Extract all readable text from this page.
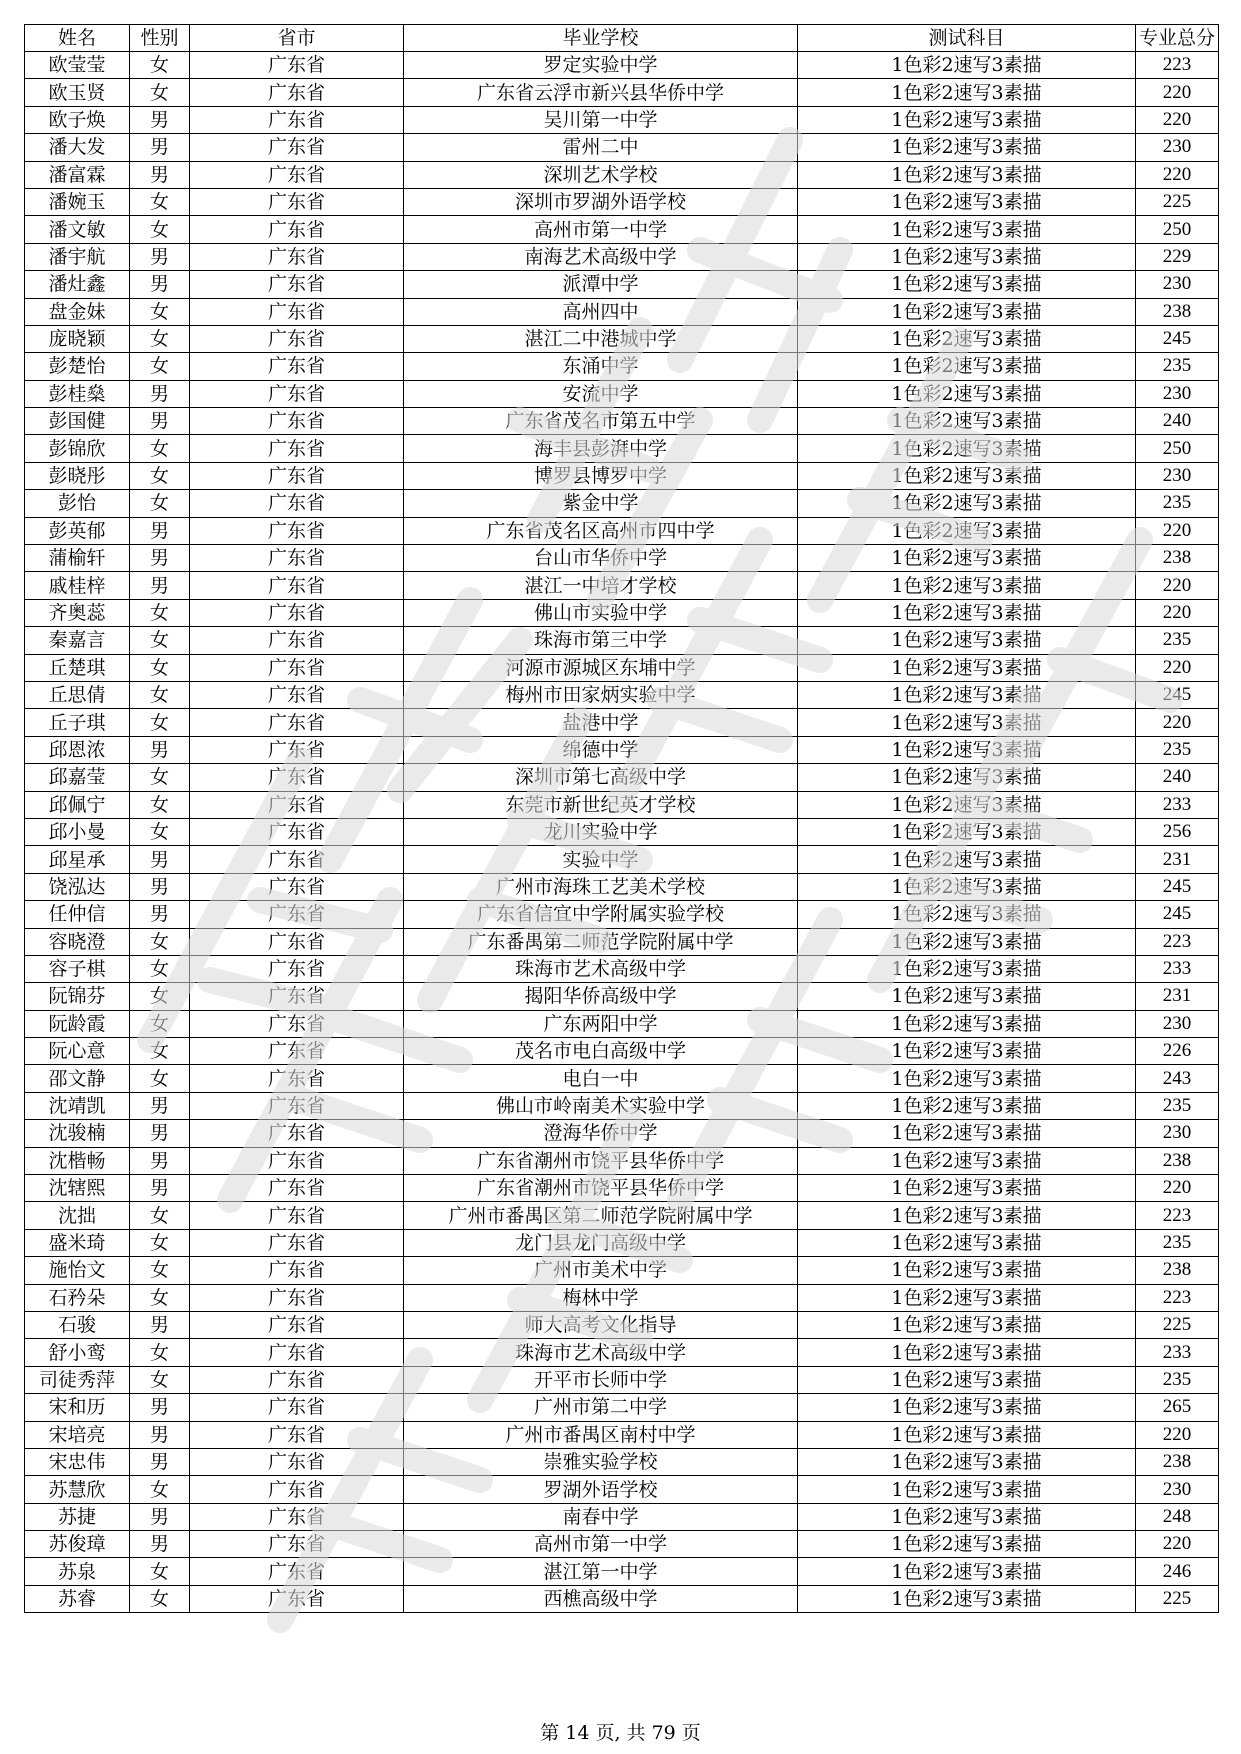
姓名	性别	省市	毕业学校	测试科目	专业总分
欧莹莹	女	广东省	罗定实验中学	1色彩2速写3素描	223
欧玉贤	女	广东省	广东省云浮市新兴县华侨中学	1色彩2速写3素描	220
欧子焕	男	广东省	吴川第一中学	1色彩2速写3素描	220
潘大发	男	广东省	雷州二中	1色彩2速写3素描	230
潘富霖	男	广东省	深圳艺术学校	1色彩2速写3素描	220
潘婉玉	女	广东省	深圳市罗湖外语学校	1色彩2速写3素描	225
潘文敏	女	广东省	高州市第一中学	1色彩2速写3素描	250
潘宇航	男	广东省	南海艺术高级中学	1色彩2速写3素描	229
潘灶鑫	男	广东省	派潭中学	1色彩2速写3素描	230
盘金妹	女	广东省	高州四中	1色彩2速写3素描	238
庞晓颖	女	广东省	湛江二中港城中学	1色彩2速写3素描	245
彭楚怡	女	广东省	东涌中学	1色彩2速写3素描	235
彭桂燊	男	广东省	安流中学	1色彩2速写3素描	230
彭国健	男	广东省	广东省茂名市第五中学	1色彩2速写3素描	240
彭锦欣	女	广东省	海丰县彭湃中学	1色彩2速写3素描	250
彭晓彤	女	广东省	博罗县博罗中学	1色彩2速写3素描	230
彭怡	女	广东省	紫金中学	1色彩2速写3素描	235
彭英郁	男	广东省	广东省茂名区高州市四中学	1色彩2速写3素描	220
蒲榆轩	男	广东省	台山市华侨中学	1色彩2速写3素描	238
戚桂梓	男	广东省	湛江一中培才学校	1色彩2速写3素描	220
齐奥蕊	女	广东省	佛山市实验中学	1色彩2速写3素描	220
秦嘉言	女	广东省	珠海市第三中学	1色彩2速写3素描	235
丘楚琪	女	广东省	河源市源城区东埔中学	1色彩2速写3素描	220
丘思倩	女	广东省	梅州市田家炳实验中学	1色彩2速写3素描	245
丘子琪	女	广东省	盐港中学	1色彩2速写3素描	220
邱恩浓	男	广东省	绵德中学	1色彩2速写3素描	235
邱嘉莹	女	广东省	深圳市第七高级中学	1色彩2速写3素描	240
邱佩宁	女	广东省	东莞市新世纪英才学校	1色彩2速写3素描	233
邱小曼	女	广东省	龙川实验中学	1色彩2速写3素描	256
邱星承	男	广东省	实验中学	1色彩2速写3素描	231
饶泓达	男	广东省	广州市海珠工艺美术学校	1色彩2速写3素描	245
任仲信	男	广东省	广东省信宜中学附属实验学校	1色彩2速写3素描	245
容晓澄	女	广东省	广东番禺第二师范学院附属中学	1色彩2速写3素描	223
容子棋	女	广东省	珠海市艺术高级中学	1色彩2速写3素描	233
阮锦芬	女	广东省	揭阳华侨高级中学	1色彩2速写3素描	231
阮龄霞	女	广东省	广东两阳中学	1色彩2速写3素描	230
阮心意	女	广东省	茂名市电白高级中学	1色彩2速写3素描	226
邵文静	女	广东省	电白一中	1色彩2速写3素描	243
沈靖凯	男	广东省	佛山市岭南美术实验中学	1色彩2速写3素描	235
沈骏楠	男	广东省	澄海华侨中学	1色彩2速写3素描	230
沈楷畅	男	广东省	广东省潮州市饶平县华侨中学	1色彩2速写3素描	238
沈辖熙	男	广东省	广东省潮州市饶平县华侨中学	1色彩2速写3素描	220
沈拙	女	广东省	广州市番禺区第二师范学院附属中学	1色彩2速写3素描	223
盛米琦	女	广东省	龙门县龙门高级中学	1色彩2速写3素描	235
施怡文	女	广东省	广州市美术中学	1色彩2速写3素描	238
石矜朵	女	广东省	梅林中学	1色彩2速写3素描	223
石骏	男	广东省	师大高考文化指导	1色彩2速写3素描	225
舒小鸾	女	广东省	珠海市艺术高级中学	1色彩2速写3素描	233
司徒秀萍	女	广东省	开平市长师中学	1色彩2速写3素描	235
宋和历	男	广东省	广州市第二中学	1色彩2速写3素描	265
宋培亮	男	广东省	广州市番禺区南村中学	1色彩2速写3素描	220
宋忠伟	男	广东省	崇雅实验学校	1色彩2速写3素描	238
苏慧欣	女	广东省	罗湖外语学校	1色彩2速写3素描	230
苏捷	男	广东省	南春中学	1色彩2速写3素描	248
苏俊璋	男	广东省	高州市第一中学	1色彩2速写3素描	220
苏泉	女	广东省	湛江第一中学	1色彩2速写3素描	246
苏睿	女	广东省	西樵高级中学	1色彩2速写3素描	225
第 14 页, 共 79 页
